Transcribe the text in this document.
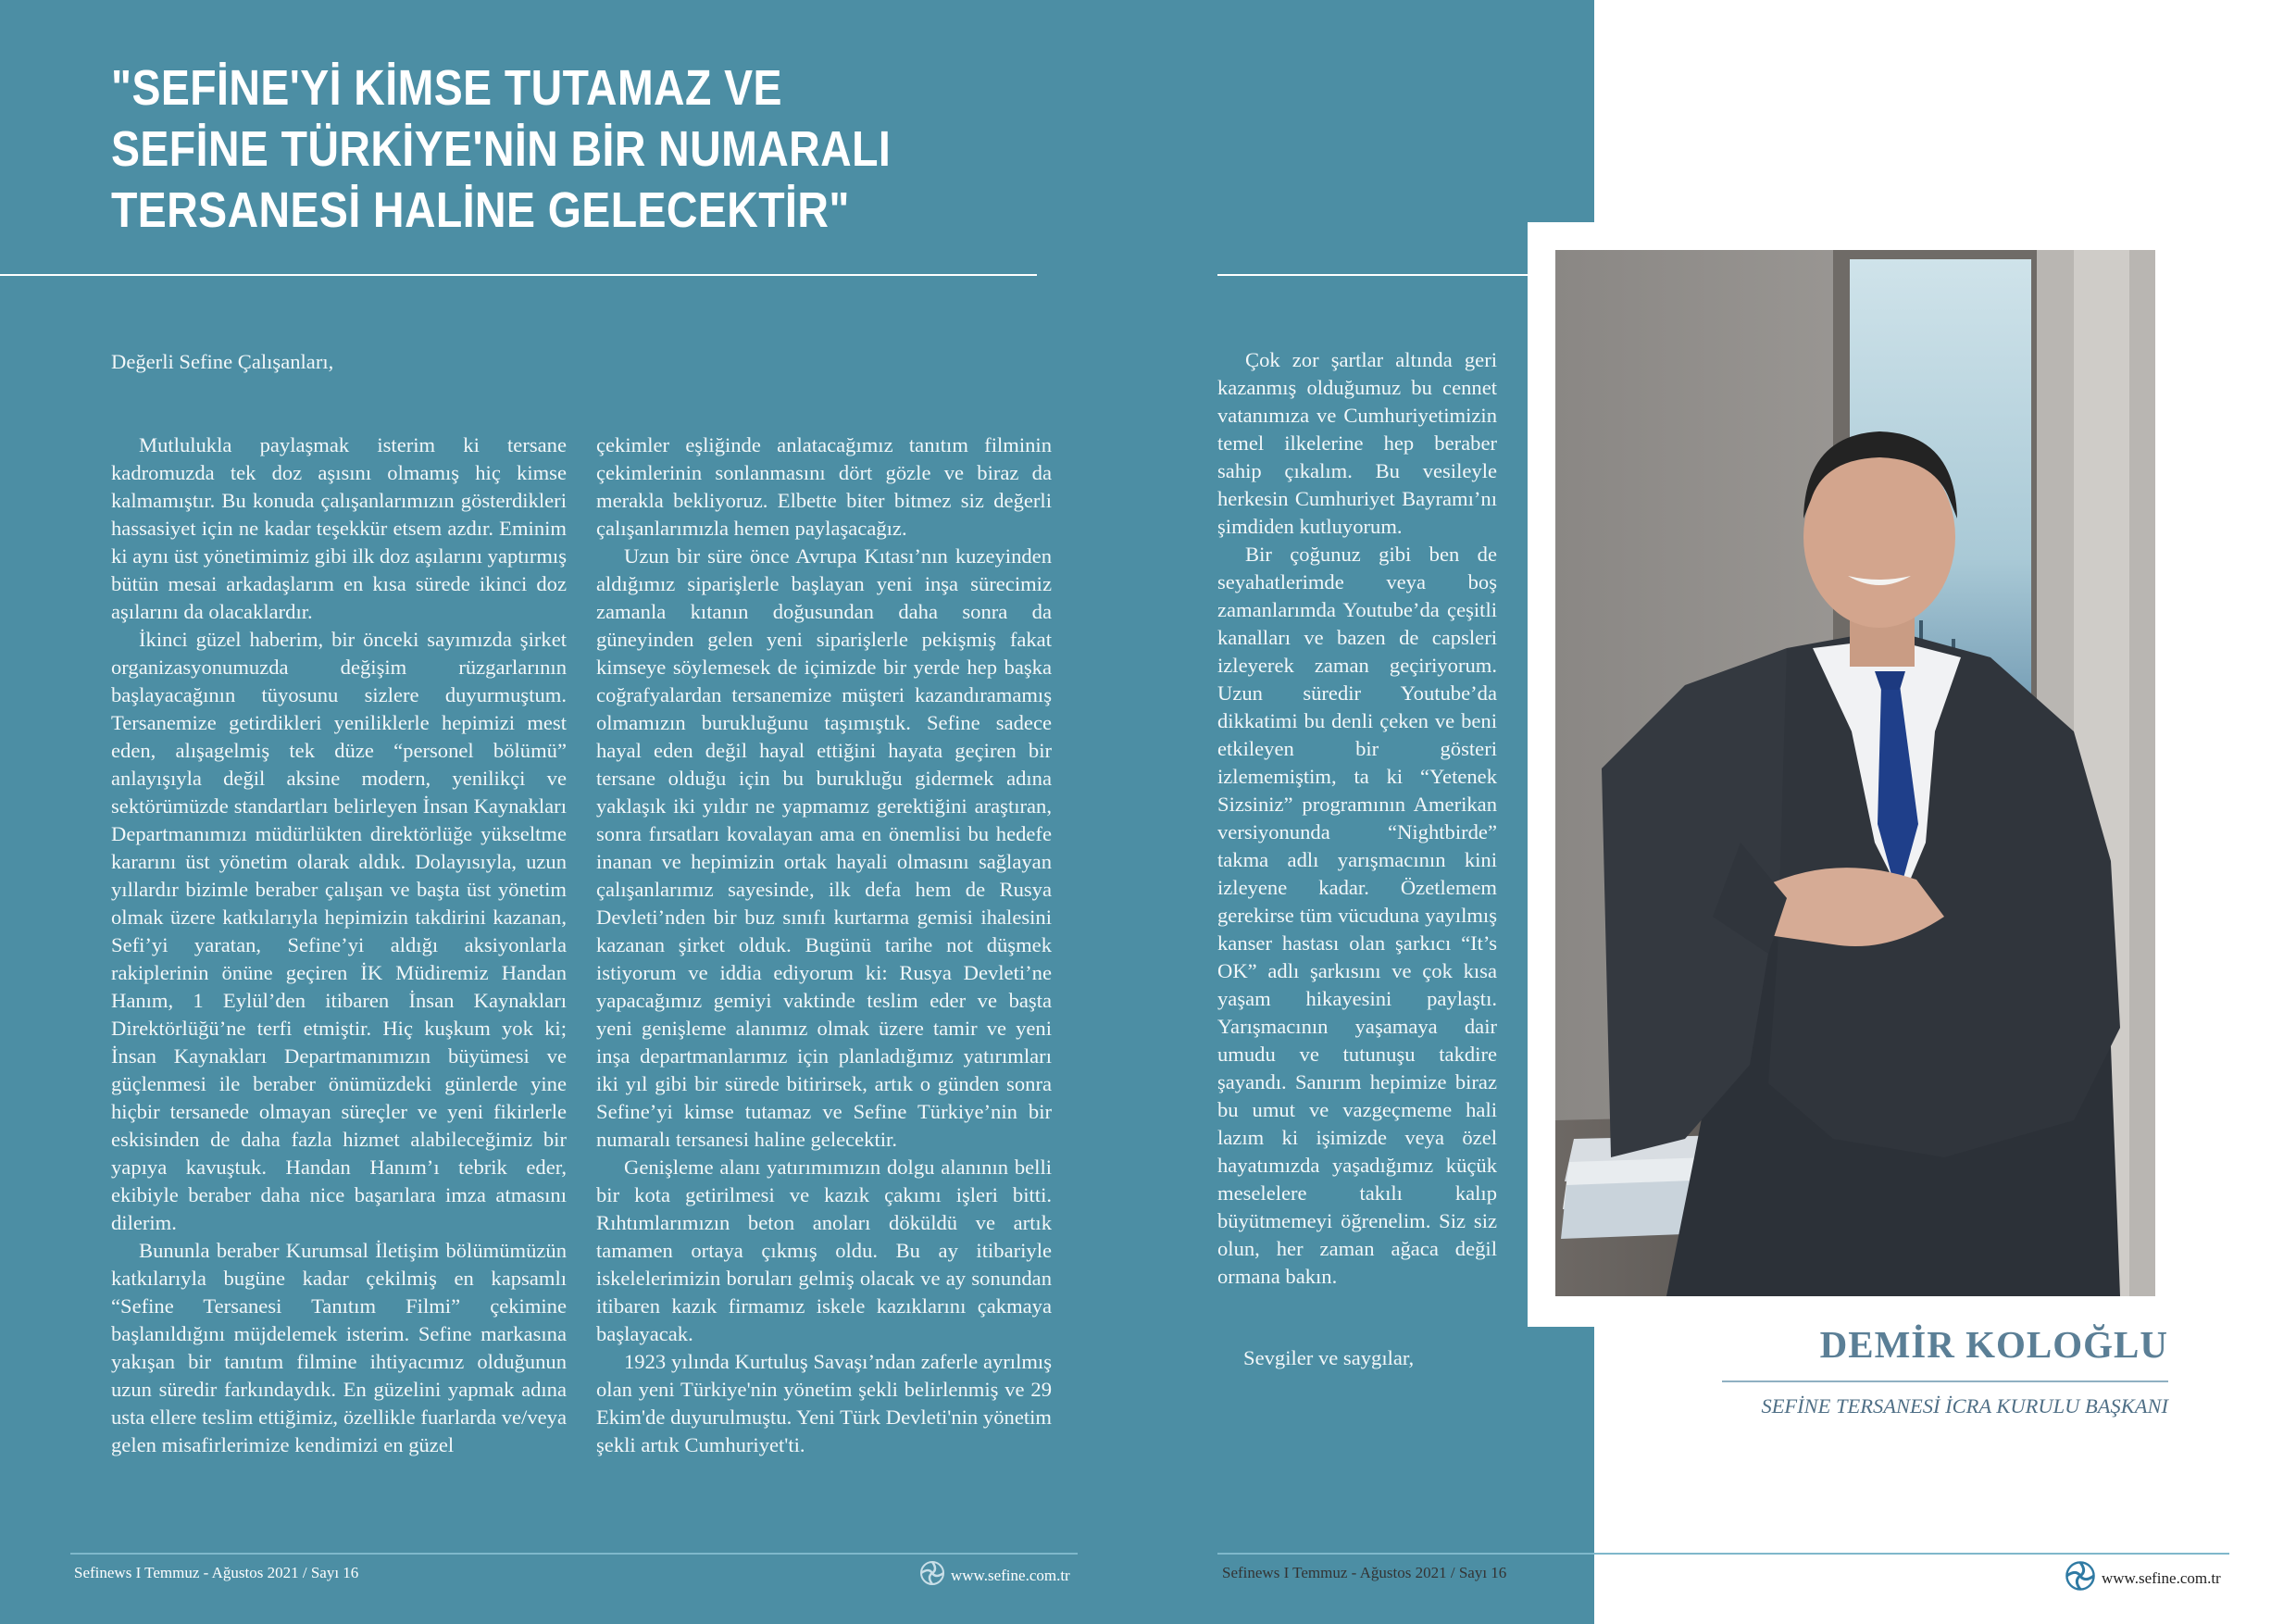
"SEFİNE'Yİ KİMSE TUTAMAZ VE
SEFİNE TÜRKİYE'NİN BİR NUMARALI
TERSANESİ HALİNE GELECEKTİR"
Değerli Sefine Çalışanları,

Mutlulukla paylaşmak isterim ki tersane kadromuzda tek doz aşısını olmamış hiç kimse kalmamıştır. Bu konuda çalışanlarımızın gösterdikleri hassasiyet için ne kadar teşekkür etsem azdır. Eminim ki aynı üst yönetimimiz gibi ilk doz aşılarını yaptırmış bütün mesai arkadaşlarım en kısa sürede ikinci doz aşılarını da olacaklardır.

İkinci güzel haberim, bir önceki sayımızda şirket organizasyonumuzda değişim rüzgarlarının başlayacağının tüyosunu sizlere duyurmuştum. Tersanemize getirdikleri yeniliklerle hepimizi mest eden, alışagelmiş tek düze “personel bölümü” anlayışıyla değil aksine modern, yenilikçi ve sektörümüzde standartları belirleyen İnsan Kaynakları Departmanımızı müdürlükten direktörlüğe yükseltme kararını üst yönetim olarak aldık. Dolayısıyla, uzun yıllardır bizimle beraber çalışan ve başta üst yönetim olmak üzere katkılarıyla hepimizin takdirini kazanan, Sefi’yi yaratan, Sefine’yi aldığı aksiyonlarla rakiplerinin önüne geçiren İK Müdiremiz Handan Hanım, 1 Eylül’den itibaren İnsan Kaynakları Direktörlüğü’ne terfi etmiştir. Hiç kuşkum yok ki; İnsan Kaynakları Departmanımızın büyümesi ve güçlenmesi ile beraber önümüzdeki günlerde yine hiçbir tersanede olmayan süreçler ve yeni fikirlerle eskisinden de daha fazla hizmet alabileceğimiz bir yapıya kavuştuk. Handan Hanım’ı tebrik eder, ekibiyle beraber daha nice başarılara imza atmasını dilerim.

Bununla beraber Kurumsal İletişim bölümümüzün katkılarıyla bugüne kadar çekilmiş en kapsamlı “Sefine Tersanesi Tanıtım Filmi” çekimine başlanıldığını müjdelemek isterim. Sefine markasına yakışan bir tanıtım filmine ihtiyacımız olduğunun uzun süredir farkındaydık. En güzelini yapmak adına usta ellere teslim ettiğimiz, özellikle fuarlarda ve/veya gelen misafirlerimize kendimizi en güzel

çekimler eşliğinde anlatacağımız tanıtım filminin çekimlerinin sonlanmasını dört gözle ve biraz da merakla bekliyoruz. Elbette biter bitmez siz değerli çalışanlarımızla hemen paylaşacağız.

Uzun bir süre önce Avrupa Kıtası’nın kuzeyinden aldığımız siparişlerle başlayan yeni inşa sürecimiz zamanla kıtanın doğusundan daha sonra da güneyinden gelen yeni siparişlerle pekişmiş fakat kimseye söylemesek de içimizde bir yerde hep başka coğrafyalardan tersanemize müşteri kazandıramamış olmamızın burukluğunu taşımıştık. Sefine sadece hayal eden değil hayal ettiğini hayata geçiren bir tersane olduğu için bu burukluğu gidermek adına yaklaşık iki yıldır ne yapmamız gerektiğini araştıran, sonra fırsatları kovalayan ama en önemlisi bu hedefe inanan ve hepimizin ortak hayali olmasını sağlayan çalışanlarımız sayesinde, ilk defa hem de Rusya Devleti’nden bir buz sınıfı kurtarma gemisi ihalesini kazanan şirket olduk. Bugünü tarihe not düşmek istiyorum ve iddia ediyorum ki: Rusya Devleti’ne yapacağımız gemiyi vaktinde teslim eder ve başta yeni genişleme alanımız olmak üzere tamir ve yeni inşa departmanlarımız için planladığımız yatırımları iki yıl gibi bir sürede bitirirsek, artık o günden sonra Sefine’yi kimse tutamaz ve Sefine Türkiye’nin bir numaralı tersanesi haline gelecektir.

Genişleme alanı yatırımımızın dolgu alanının belli bir kota getirilmesi ve kazık çakımı işleri bitti. Rıhtımlarımızın beton anoları döküldü ve artık tamamen ortaya çıkmış oldu. Bu ay itibariyle iskelelerimizin boruları gelmiş olacak ve ay sonundan itibaren kazık firmamız iskele kazıklarını çakmaya başlayacak.

1923 yılında Kurtuluş Savaşı’ndan zaferle ayrılmış olan yeni Türkiye'nin yönetim şekli belirlenmiş ve 29 Ekim'de duyurulmuştu. Yeni Türk Devleti'nin yönetim şekli artık Cumhuriyet'ti.

Çok zor şartlar altında geri kazanmış olduğumuz bu cennet vatanımıza ve Cumhuriyetimizin temel ilkelerine hep beraber sahip çıkalım. Bu vesileyle herkesin Cumhuriyet Bayramı’nı şimdiden kutluyorum.

Bir çoğunuz gibi ben de seyahatlerimde veya boş zamanlarımda Youtube’da çeşitli kanalları ve bazen de capsleri izleyerek zaman geçiriyorum. Uzun süredir Youtube’da dikkatimi bu denli çeken ve beni etkileyen bir gösteri izlememiştim, ta ki “Yetenek Sizsiniz” programının Amerikan versiyonunda “Nightbirde” takma adlı yarışmacının kini izleyene kadar. Özetlemem gerekirse tüm vücuduna yayılmış kanser hastası olan şarkıcı “It’s OK” adlı şarkısını ve çok kısa yaşam hikayesini paylaştı. Yarışmacının yaşamaya dair umudu ve tutunuşu takdire şayandı. Sanırım hepimize biraz bu umut ve vazgeçmeme hali lazım ki işimizde veya özel hayatımızda yaşadığımız küçük meselelere takılı kalıp büyütmemeyi öğrenelim. Siz siz olun, her zaman ağaca değil ormana bakın.

Sevgiler ve saygılar,	DEMİR KOLOĞLU
SEFİNE TERSANESİ İCRA KURULU BAŞKANI
Sefinews I Temmuz - Ağustos 2021 / Sayı 16	www.sefine.com.tr	Sefinews I Temmuz - Ağustos 2021 / Sayı 16	www.sefine.com.tr
